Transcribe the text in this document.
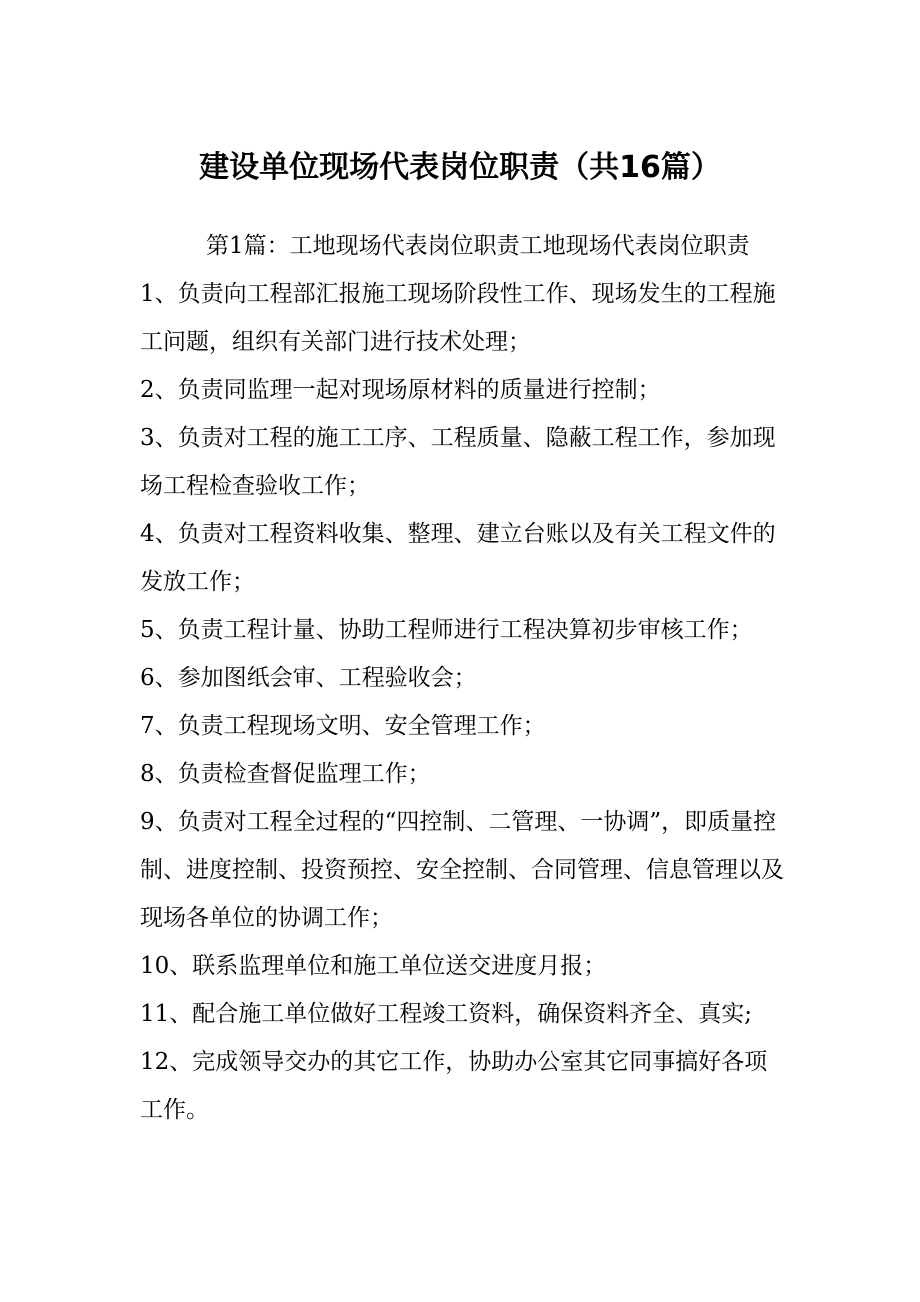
建设单位现场代表岗位职责（共16篇）

第1篇：工地现场代表岗位职责工地现场代表岗位职责

1、负责向工程部汇报施工现场阶段性工作、现场发生的工程施工问题，组织有关部门进行技术处理；

2、负责同监理一起对现场原材料的质量进行控制；

3、负责对工程的施工工序、工程质量、隐蔽工程工作，参加现场工程检查验收工作；

4、负责对工程资料收集、整理、建立台账以及有关工程文件的发放工作；

5、负责工程计量、协助工程师进行工程决算初步审核工作；

6、参加图纸会审、工程验收会；

7、负责工程现场文明、安全管理工作；

8、负责检查督促监理工作；

9、负责对工程全过程的“四控制、二管理、一协调”，即质量控制、进度控制、投资预控、安全控制、合同管理、信息管理以及现场各单位的协调工作；

10、联系监理单位和施工单位送交进度月报；

11、配合施工单位做好工程竣工资料，确保资料齐全、真实;

12、完成领导交办的其它工作，协助办公室其它同事搞好各项工作。
